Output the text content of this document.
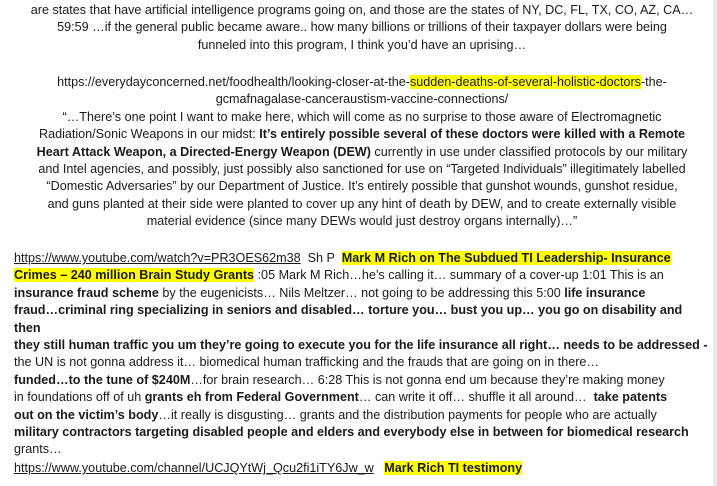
are states that have artificial intelligence programs going on, and those are the states of NY, DC, FL, TX, CO, AZ, CA…
59:59 …if the general public became aware.. how many billions or trillions of their taxpayer dollars were being
funneled into this program, I think you’d have an uprising…

https://everydayconcerned.net/foodhealth/looking-closer-at-the-sudden-deaths-of-several-holistic-doctors-the-
gcmafnagalase-canceraustism-vaccine-connections/
“…There’s one point I want to make here, which will come as no surprise to those aware of Electromagnetic
Radiation/Sonic Weapons in our midst: It’s entirely possible several of these doctors were killed with a Remote
Heart Attack Weapon, a Directed-Energy Weapon (DEW) currently in use under classified protocols by our military
and Intel agencies, and possibly, just possibly also sanctioned for use on “Targeted Individuals” illegitimately labelled
“Domestic Adversaries” by our Department of Justice. It’s entirely possible that gunshot wounds, gunshot residue,
and guns planted at their side were planted to cover up any hint of death by DEW, and to create externally visible
material evidence (since many DEWs would just destroy organs internally)…”

https://www.youtube.com/watch?v=PR3OES62m38  Sh P  Mark M Rich on The Subdued TI Leadership- Insurance
Crimes – 240 million Brain Study Grants :05 Mark M Rich…he’s calling it… summary of a cover-up 1:01 This is an
insurance fraud scheme by the eugenicists… Nils Meltzer… not going to be addressing this 5:00 life insurance
fraud…criminal ring specializing in seniors and disabled… torture you… bust you up… you go on disability and then
they still human traffic you um they’re going to execute you for the life insurance all right… needs to be addressed -
the UN is not gonna address it… biomedical human trafficking and the frauds that are going on in there…
funded…to the tune of $240M…for brain research… 6:28 This is not gonna end um because they’re making money
in foundations off of uh grants eh from Federal Government… can write it off… shuffle it all around…  take patents
out on the victim’s body…it really is disgusting… grants and the distribution payments for people who are actually
military contractors targeting disabled people and elders and everybody else in between for biomedical research
grants…

https://www.youtube.com/channel/UCJQYtWj_Qcu2fi1iTY6Jw_w Mark Rich TI testimony
